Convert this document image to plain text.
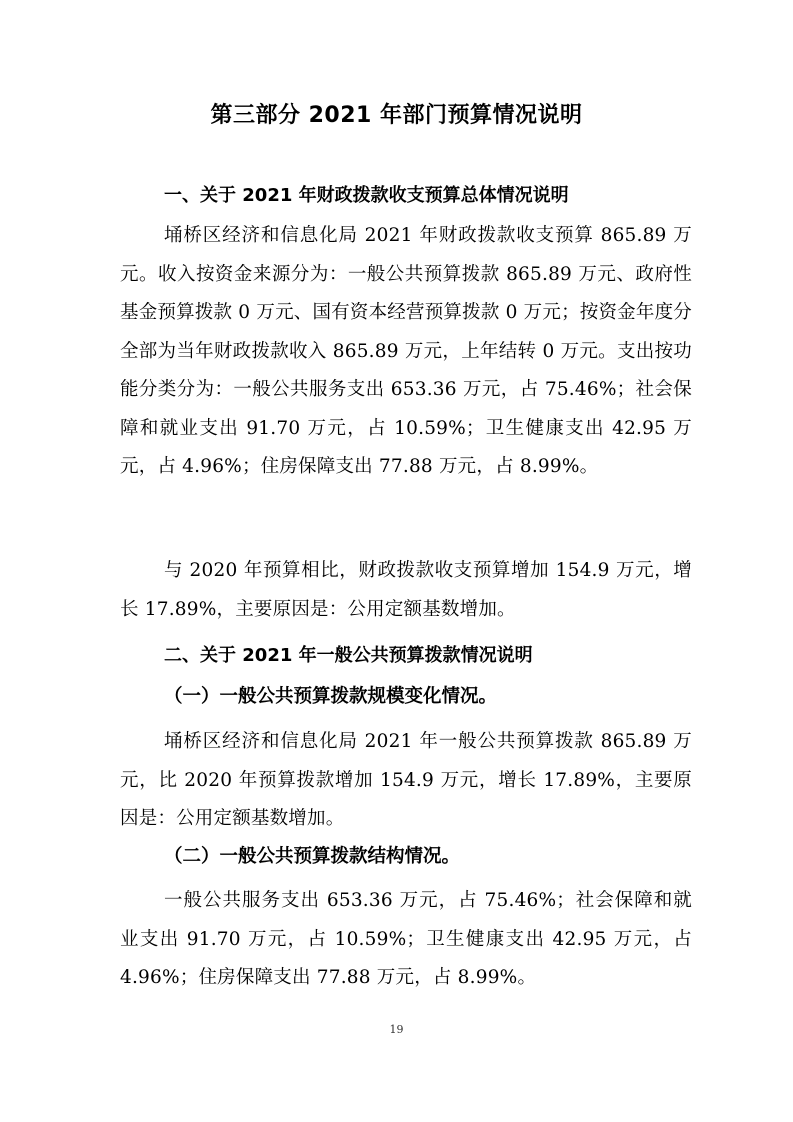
第三部分 2021 年部门预算情况说明
一、关于 2021 年财政拨款收支预算总体情况说明

埇桥区经济和信息化局 2021 年财政拨款收支预算 865.89 万元。收入按资金来源分为：一般公共预算拨款 865.89 万元、政府性基金预算拨款 0 万元、国有资本经营预算拨款 0 万元；按资金年度分全部为当年财政拨款收入 865.89 万元，上年结转 0 万元。支出按功能分类分为：一般公共服务支出 653.36 万元，占 75.46%；社会保障和就业支出 91.70 万元，占 10.59%；卫生健康支出 42.95 万元，占 4.96%；住房保障支出 77.88 万元，占 8.99%。

与 2020 年预算相比，财政拨款收支预算增加 154.9 万元，增长 17.89%，主要原因是：公用定额基数增加。

二、关于 2021 年一般公共预算拨款情况说明
（一）一般公共预算拨款规模变化情况。

埇桥区经济和信息化局 2021 年一般公共预算拨款 865.89 万元，比 2020 年预算拨款增加 154.9 万元，增长 17.89%，主要原因是：公用定额基数增加。

（二）一般公共预算拨款结构情况。

一般公共服务支出 653.36 万元，占 75.46%；社会保障和就业支出 91.70 万元，占 10.59%；卫生健康支出 42.95 万元，占 4.96%；住房保障支出 77.88 万元，占 8.99%。

19
